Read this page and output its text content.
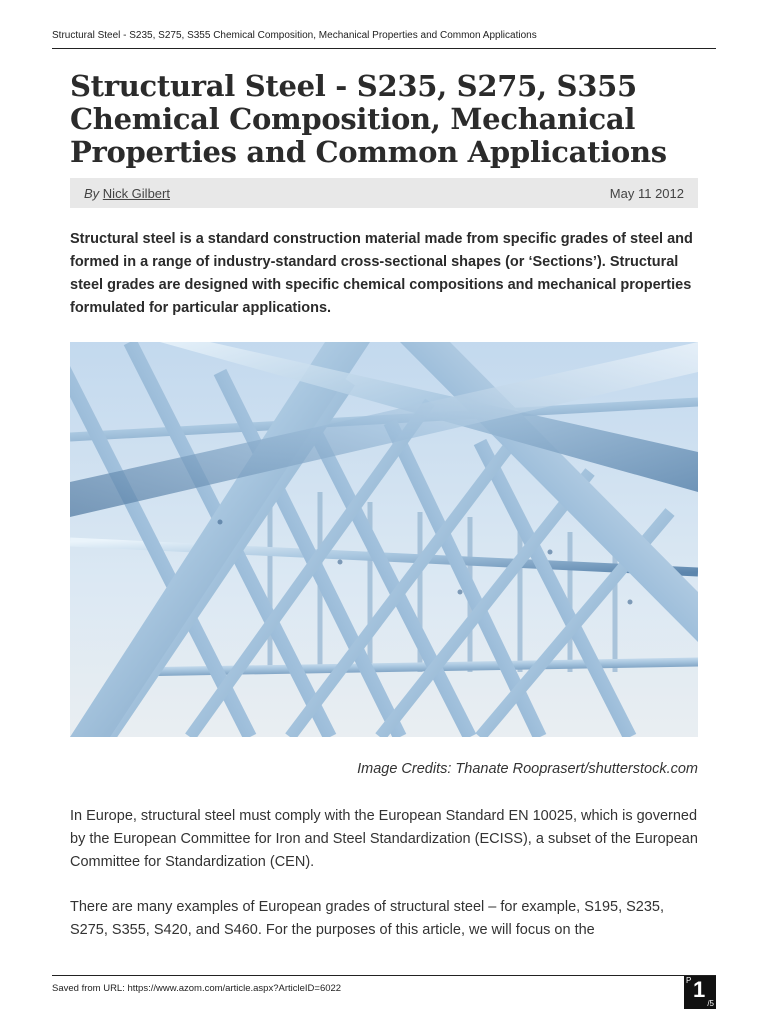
Structural Steel - S235, S275, S355 Chemical Composition, Mechanical Properties and Common Applications
Structural Steel - S235, S275, S355 Chemical Composition, Mechanical Properties and Common Applications
By Nick Gilbert	May 11 2012

Structural steel is a standard construction material made from specific grades of steel and formed in a range of industry-standard cross-sectional shapes (or ‘Sections’). Structural steel grades are designed with specific chemical compositions and mechanical properties formulated for particular applications.

Image Credits: Thanate Rooprasert/shutterstock.com

In Europe, structural steel must comply with the European Standard EN 10025, which is governed by the European Committee for Iron and Steel Standardization (ECISS), a subset of the European Committee for Standardization (CEN).

There are many examples of European grades of structural steel – for example, S195, S235, S275, S355, S420, and S460. For the purposes of this article, we will focus on the

Saved from URL: https://www.azom.com/article.aspx?ArticleID=6022
P 1
/5
